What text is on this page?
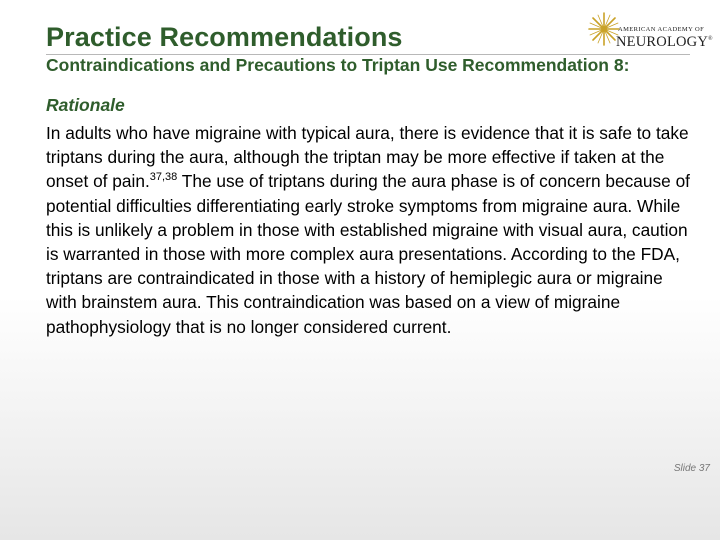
Practice Recommendations	AMERICAN ACADEMY OF
NEUROLOGY®
Contraindications and Precautions to Triptan Use Recommendation 8:
Rationale
In adults who have migraine with typical aura, there is evidence that it is safe to take triptans during the aura, although the triptan may be more effective if taken at the onset of pain.$^{37,38}$ The use of triptans during the aura phase is of concern because of potential difficulties differentiating early stroke symptoms from migraine aura. While this is unlikely a problem in those with established migraine with visual aura, caution is warranted in those with more complex aura presentations. According to the FDA, triptans are contraindicated in those with a history of hemiplegic aura or migraine with brainstem aura. This contraindication was based on a view of migraine pathophysiology that is no longer considered current.
Slide 37
